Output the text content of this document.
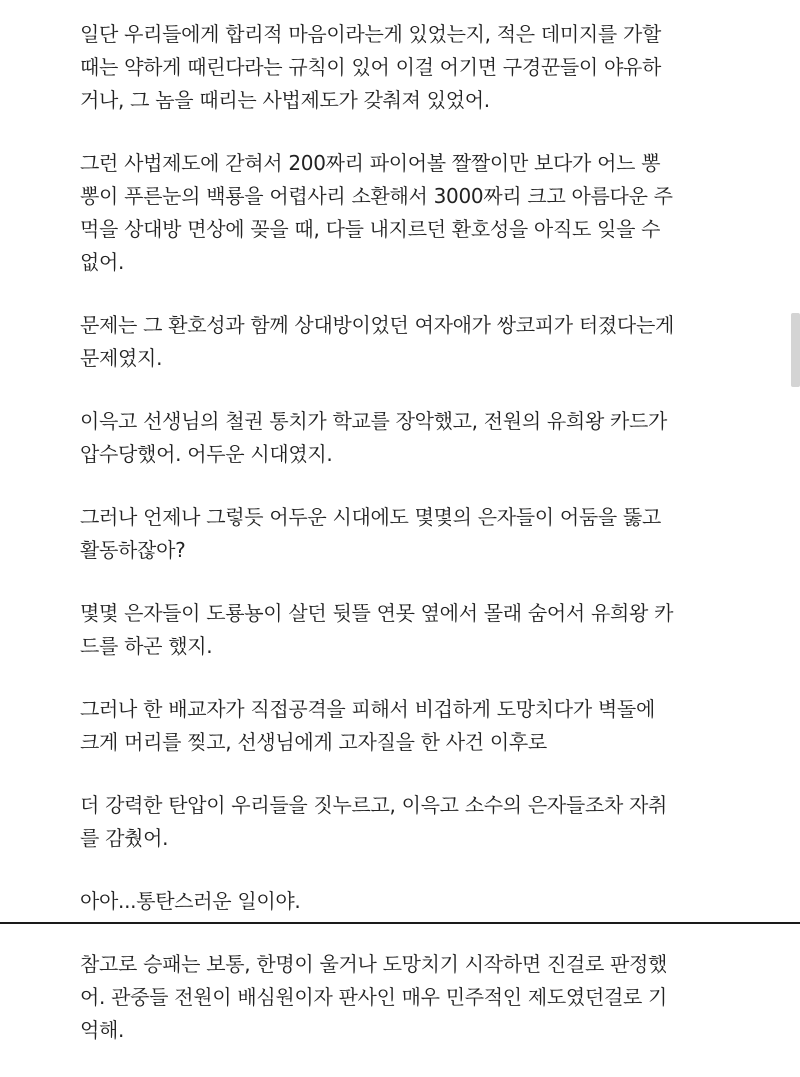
일단 우리들에게 합리적 마음이라는게 있었는지, 적은 데미지를 가할
때는 약하게 때린다라는 규칙이 있어 이걸 어기면 구경꾼들이 야유하
거나, 그 놈을 때리는 사법제도가 갖춰져 있었어.

그런 사법제도에 갇혀서 200짜리 파이어볼 짤짤이만 보다가 어느 뽕
뽕이 푸른눈의 백룡을 어렵사리 소환해서 3000짜리 크고 아름다운 주
먹을 상대방 면상에 꽂을 때, 다들 내지르던 환호성을 아직도 잊을 수
없어.

문제는 그 환호성과 함께 상대방이었던 여자애가 쌍코피가 터졌다는게
문제였지.

이윽고 선생님의 철권 통치가 학교를 장악했고, 전원의 유희왕 카드가
압수당했어. 어두운 시대였지.

그러나 언제나 그렇듯 어두운 시대에도 몇몇의 은자들이 어둠을 뚫고
활동하잖아?

몇몇 은자들이 도룡뇽이 살던 뒷뜰 연못 옆에서 몰래 숨어서 유희왕 카
드를 하곤 했지.

그러나 한 배교자가 직접공격을 피해서 비겁하게 도망치다가 벽돌에
크게 머리를 찢고, 선생님에게 고자질을 한 사건 이후로

더 강력한 탄압이 우리들을 짓누르고, 이윽고 소수의 은자들조차 자취
를 감췄어.

아아...통탄스러운 일이야.

참고로 승패는 보통, 한명이 울거나 도망치기 시작하면 진걸로 판정했
어. 관중들 전원이 배심원이자 판사인 매우 민주적인 제도였던걸로 기
억해.
